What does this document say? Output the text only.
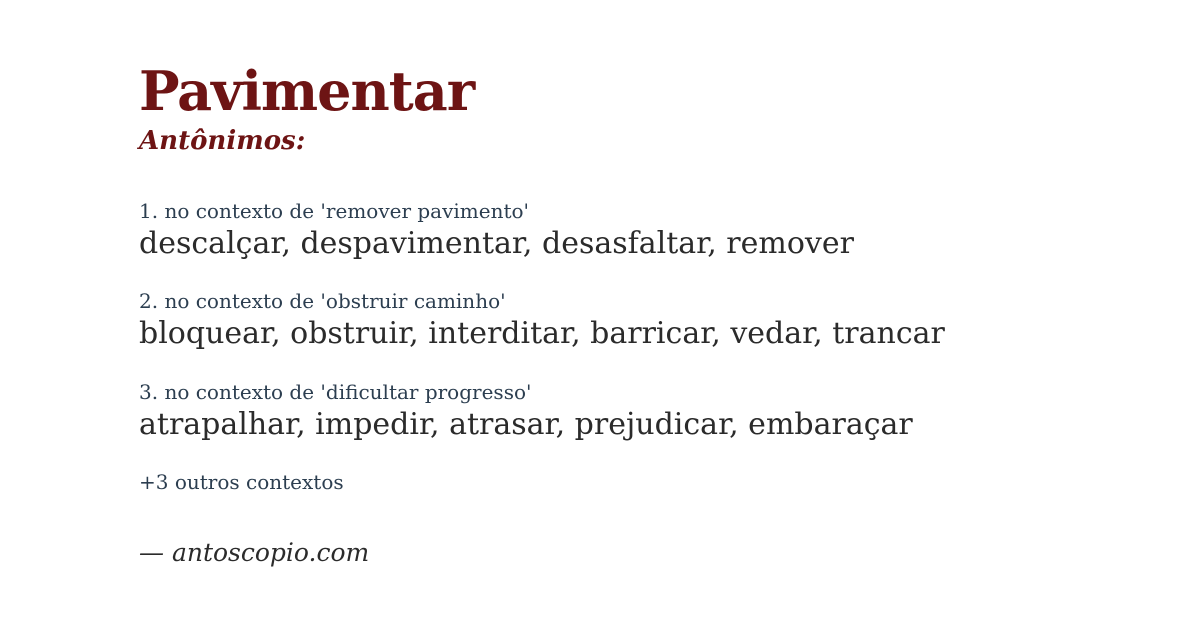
Pavimentar
Antônimos:
1. no contexto de 'remover pavimento'
descalçar, despavimentar, desasfaltar, remover
2. no contexto de 'obstruir caminho'
bloquear, obstruir, interditar, barricar, vedar, trancar
3. no contexto de 'dificultar progresso'
atrapalhar, impedir, atrasar, prejudicar, embaraçar
+3 outros contextos
— antoscopio.com
